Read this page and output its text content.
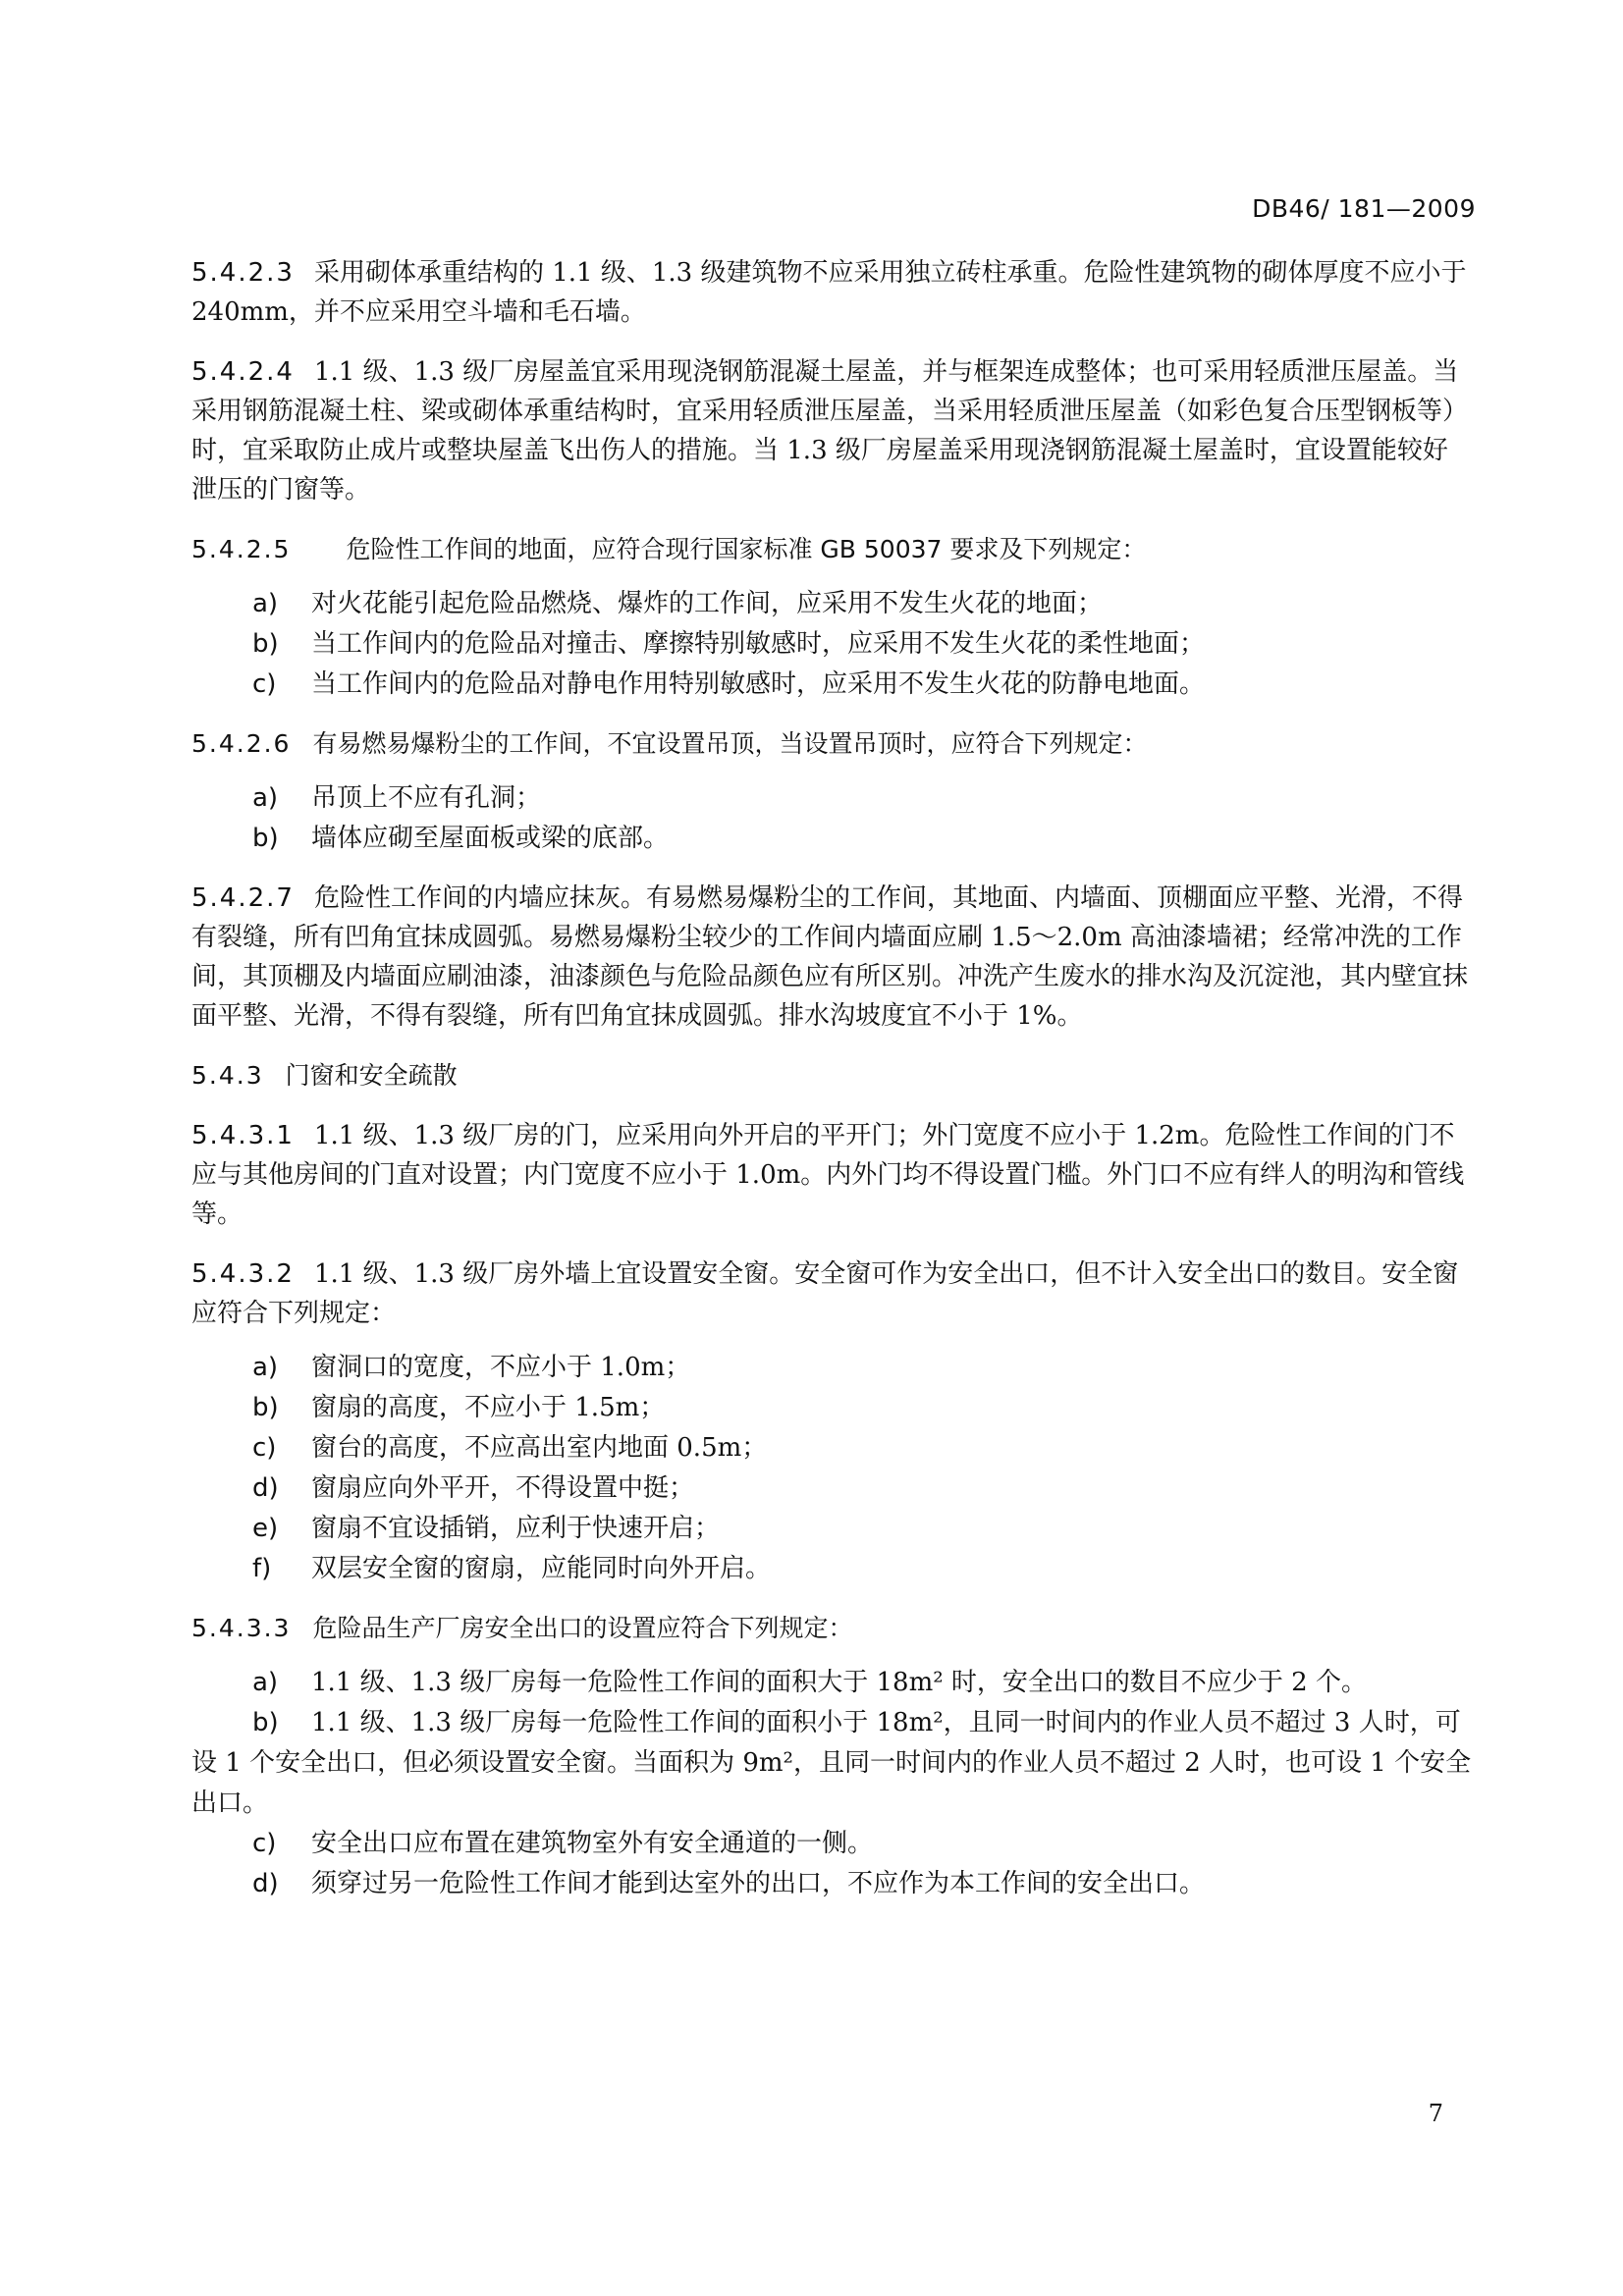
DB46/ 181—2009

5.4.2.3 采用砌体承重结构的 1.1 级、1.3 级建筑物不应采用独立砖柱承重。危险性建筑物的砌体厚度不应小于 240mm，并不应采用空斗墙和毛石墙。

5.4.2.4 1.1 级、1.3 级厂房屋盖宜采用现浇钢筋混凝土屋盖，并与框架连成整体；也可采用轻质泄压屋盖。当采用钢筋混凝土柱、梁或砌体承重结构时，宜采用轻质泄压屋盖，当采用轻质泄压屋盖（如彩色复合压型钢板等）时，宜采取防止成片或整块屋盖飞出伤人的措施。当 1.3 级厂房屋盖采用现浇钢筋混凝土屋盖时，宜设置能较好泄压的门窗等。

5.4.2.5 危险性工作间的地面，应符合现行国家标准 GB 50037 要求及下列规定：

a)	对火花能引起危险品燃烧、爆炸的工作间，应采用不发生火花的地面；
b)	当工作间内的危险品对撞击、摩擦特别敏感时，应采用不发生火花的柔性地面；
c)	当工作间内的危险品对静电作用特别敏感时，应采用不发生火花的防静电地面。

5.4.2.6 有易燃易爆粉尘的工作间，不宜设置吊顶，当设置吊顶时，应符合下列规定：

a)	吊顶上不应有孔洞；
b)	墙体应砌至屋面板或梁的底部。

5.4.2.7 危险性工作间的内墙应抹灰。有易燃易爆粉尘的工作间，其地面、内墙面、顶棚面应平整、光滑，不得有裂缝，所有凹角宜抹成圆弧。易燃易爆粉尘较少的工作间内墙面应刷 1.5～2.0m 高油漆墙裙；经常冲洗的工作间，其顶棚及内墙面应刷油漆，油漆颜色与危险品颜色应有所区别。冲洗产生废水的排水沟及沉淀池，其内壁宜抹面平整、光滑，不得有裂缝，所有凹角宜抹成圆弧。排水沟坡度宜不小于 1%。

5.4.3 门窗和安全疏散

5.4.3.1 1.1 级、1.3 级厂房的门，应采用向外开启的平开门；外门宽度不应小于 1.2m。危险性工作间的门不应与其他房间的门直对设置；内门宽度不应小于 1.0m。内外门均不得设置门槛。外门口不应有绊人的明沟和管线等。

5.4.3.2 1.1 级、1.3 级厂房外墙上宜设置安全窗。安全窗可作为安全出口，但不计入安全出口的数目。安全窗应符合下列规定：

a)	窗洞口的宽度，不应小于 1.0m；
b)	窗扇的高度，不应小于 1.5m；
c)	窗台的高度，不应高出室内地面 0.5m；
d)	窗扇应向外平开，不得设置中挺；
e)	窗扇不宜设插销，应利于快速开启；
f)	双层安全窗的窗扇，应能同时向外开启。

5.4.3.3 危险品生产厂房安全出口的设置应符合下列规定：

a)	1.1 级、1.3 级厂房每一危险性工作间的面积大于 18m² 时，安全出口的数目不应少于 2 个。
b) 1.1 级、1.3 级厂房每一危险性工作间的面积小于 18m²，且同一时间内的作业人员不超过 3 人时，可设 1 个安全出口，但必须设置安全窗。当面积为 9m²，且同一时间内的作业人员不超过 2 人时，也可设 1 个安全出口。
c)	安全出口应布置在建筑物室外有安全通道的一侧。
d)	须穿过另一危险性工作间才能到达室外的出口，不应作为本工作间的安全出口。
7
